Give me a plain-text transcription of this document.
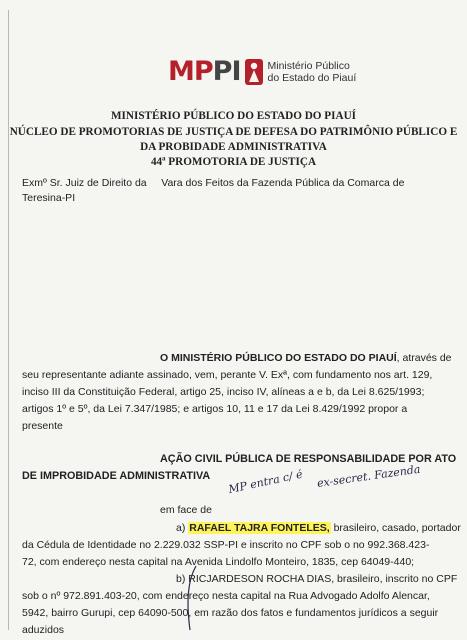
MP PI	Ministério Público
do Estado do Piauí
MINISTÉRIO PÚBLICO DO ESTADO DO PIAUÍ
NÚCLEO DE PROMOTORIAS DE JUSTIÇA DE DEFESA DO PATRIMÔNIO PÚBLICO E
DA PROBIDADE ADMINISTRATIVA
44ª PROMOTORIA DE JUSTIÇA
Exmº Sr. Juiz de Direito da     Vara dos Feitos da Fazenda Pública da Comarca de
Teresina-PI
O MINISTÉRIO PÚBLICO DO ESTADO DO PIAUÍ, através de
seu representante adiante assinado, vem, perante V. Exª, com fundamento nos art. 129,
inciso III da Constituição Federal, artigo 25, inciso IV, alíneas a e b, da Lei 8.625/1993;
artigos 1º e 5º, da Lei 7.347/1985; e artigos 10, 11 e 17 da Lei 8.429/1992 propor a
presente
AÇÃO CIVIL PÚBLICA DE RESPONSABILIDADE POR ATO
DE IMPROBIDADE ADMINISTRATIVA
em face de
MP entra c/ é ex-secret. Fazenda
a) RAFAEL TAJRA FONTELES, brasileiro, casado, portador
da Cédula de Identidade no 2.229.032 SSP-PI e inscrito no CPF sob o no 992.368.423-
72, com endereço nesta capital na Avenida Lindolfo Monteiro, 1835, cep 64049-440;
b) RICJARDESON ROCHA DIAS, brasileiro, inscrito no CPF
sob o nº 972.891.403-20, com endereço nesta capital na Rua Advogado Adolfo Alencar,
5942, bairro Gurupi, cep 64090-500, em razão dos fatos e fundamentos jurídicos a seguir
aduzidos
